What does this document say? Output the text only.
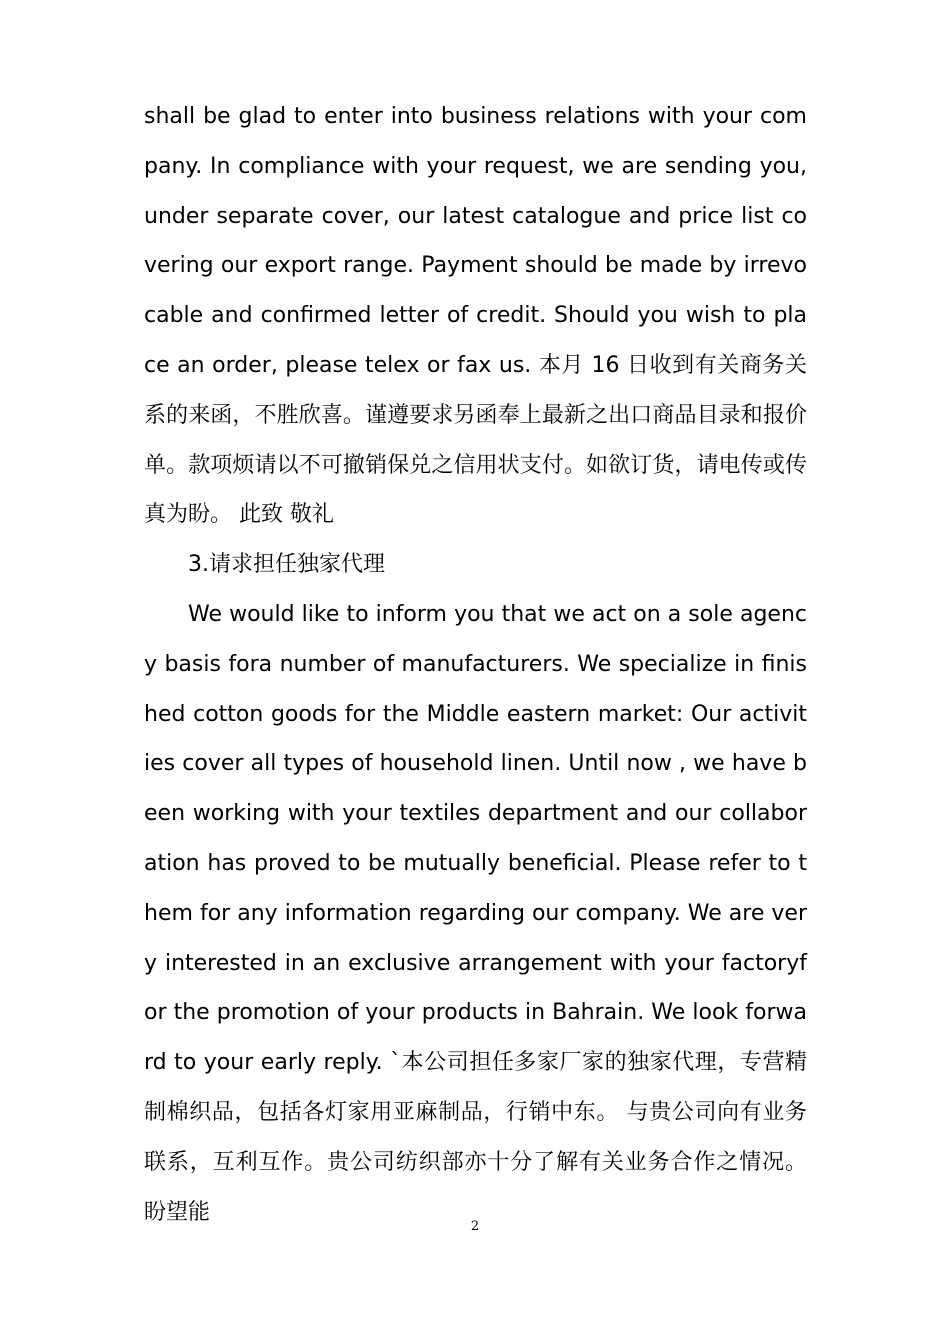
shall be glad to enter into business relations with your company. In compliance with your request, we are sending you, under separate cover, our latest catalogue and price list covering our export range. Payment should be made by irrevocable and confirmed letter of credit. Should you wish to place an order, please telex or fax us. 本月 16 日收到有关商务关系的来函，不胜欣喜。谨遵要求另函奉上最新之出口商品目录和报价单。款项烦请以不可撤销保兑之信用状支付。如欲订货，请电传或传真为盼。 此致 敬礼

3.请求担任独家代理

We would like to inform you that we act on a sole agency basis fora number of manufacturers. We specialize in finished cotton goods for the Middle eastern market: Our activities cover all types of household linen. Until now , we have been working with your textiles department and our collaboration has proved to be mutually beneficial. Please refer to them for any information regarding our company. We are very interested in an exclusive arrangement with your factoryfor the promotion of your products in Bahrain. We look forward to your early reply. `本公司担任多家厂家的独家代理，专营精制棉织品，包括各灯家用亚麻制品，行销中东。 与贵公司向有业务联系，互利互作。贵公司纺织部亦十分了解有关业务合作之情况。 盼望能

2
